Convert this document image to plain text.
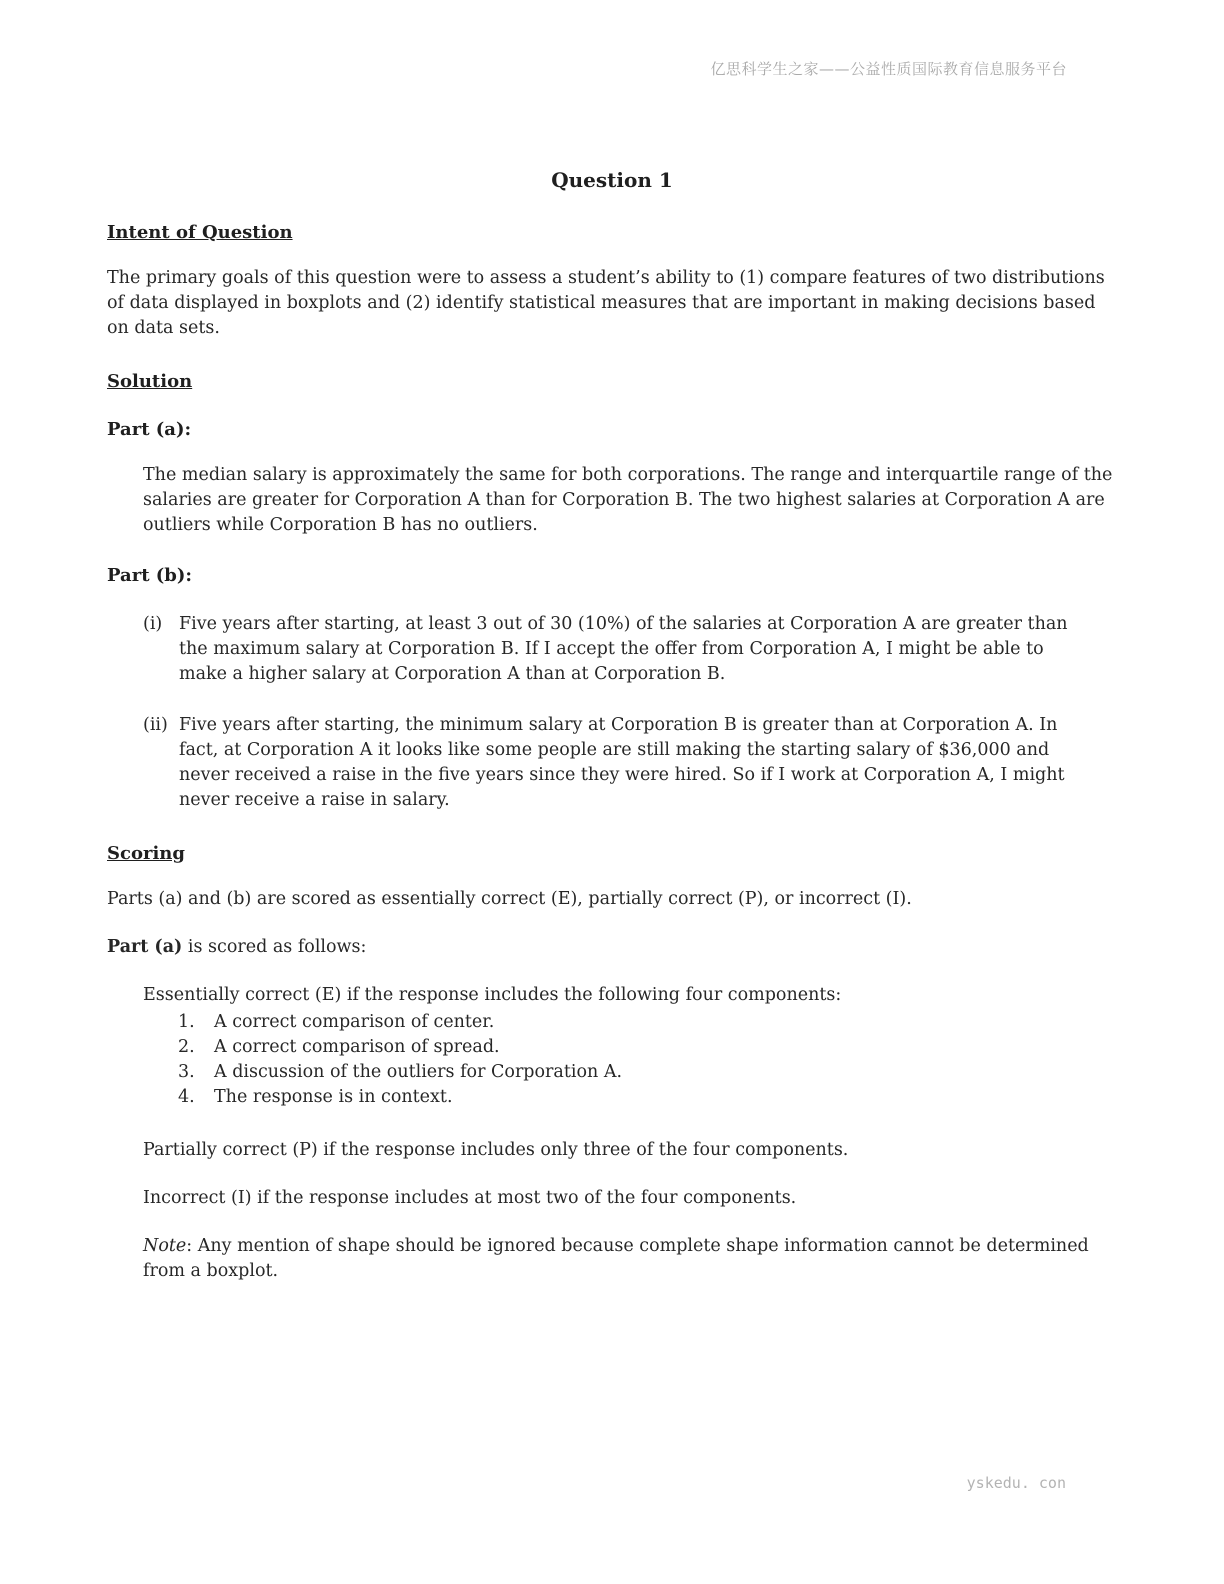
亿思科学生之家——公益性质国际教育信息服务平台
Question 1
Intent of Question

The primary goals of this question were to assess a student’s ability to (1) compare features of two distributions of data displayed in boxplots and (2) identify statistical measures that are important in making decisions based on data sets.

Solution
Part (a):

The median salary is approximately the same for both corporations. The range and interquartile range of the salaries are greater for Corporation A than for Corporation B. The two highest salaries at Corporation A are outliers while Corporation B has no outliers.

Part (b):
(i) Five years after starting, at least 3 out of 30 (10%) of the salaries at Corporation A are greater than the maximum salary at Corporation B. If I accept the offer from Corporation A, I might be able to make a higher salary at Corporation A than at Corporation B.
(ii) Five years after starting, the minimum salary at Corporation B is greater than at Corporation A. In fact, at Corporation A it looks like some people are still making the starting salary of $36,000 and never received a raise in the five years since they were hired. So if I work at Corporation A, I might never receive a raise in salary.
Scoring

Parts (a) and (b) are scored as essentially correct (E), partially correct (P), or incorrect (I).

Part (a) is scored as follows:

Essentially correct (E) if the response includes the following four components:

1.	A correct comparison of center.
2.	A correct comparison of spread.
3.	A discussion of the outliers for Corporation A.
4.	The response is in context.

Partially correct (P) if the response includes only three of the four components.

Incorrect (I) if the response includes at most two of the four components.

Note: Any mention of shape should be ignored because complete shape information cannot be determined from a boxplot.

yskedu. con
